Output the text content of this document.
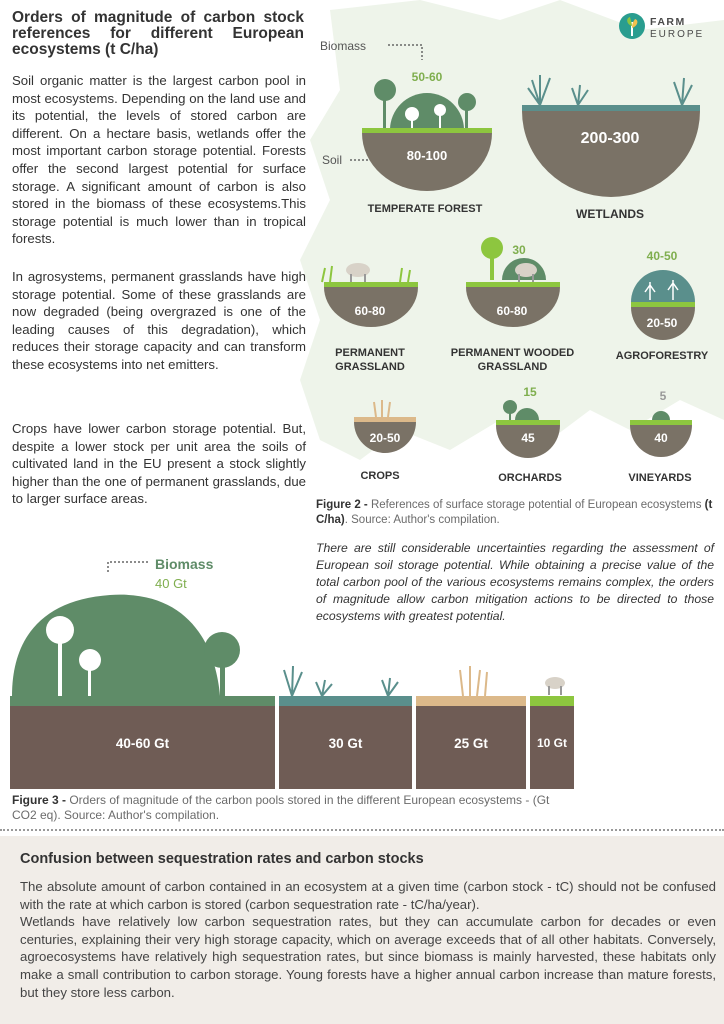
Orders of magnitude of carbon stock references for different European ecosystems (t C/ha)
FARM
EUROPE

Soil organic matter is the largest carbon pool in most ecosystems. Depending on the land use and its potential, the levels of stored carbon are different. On a hectare basis, wetlands offer the most important carbon storage potential. Forests offer the second largest potential for surface storage. A significant amount of carbon is also stored in the biomass of these ecosystems.This storage potential is much lower than in tropical forests.

In agrosystems, permanent grasslands have high storage potential. Some of these grasslands are now degraded (being overgrazed is one of the leading causes of this degradation), which reduces their storage capacity and can transform these ecosystems into net emitters.

Crops have lower carbon storage potential. But, despite a lower stock per unit area the soils of cultivated land in the EU present a stock slightly higher than the one of permanent grasslands, due to larger surface areas.

Biomass
Soil
50-60
80-100
TEMPERATE FOREST
200-300
WETLANDS
60-80
PERMANENT
GRASSLAND
30
60-80
PERMANENT WOODED
GRASSLAND
40-50
20-50
AGROFORESTRY
20-50
CROPS
15
45
ORCHARDS
5
40
VINEYARDS
Figure 2 - References of surface storage potential of European ecosystems (t C/ha). Source: Author's compilation.
There are still considerable uncertainties regarding the assessment of European soil storage potential. While obtaining a precise value of the total carbon pool of the various ecosystems remains complex, the orders of magnitude allow carbon mitigation actions to be directed to those ecosystems with greatest potential.
Biomass
40 Gt
40-60 Gt	30 Gt	25 Gt	10 Gt
Figure 3 - Orders of magnitude of the carbon pools stored in the different European ecosystems - (Gt CO2 eq). Source: Author's compilation.
Confusion between sequestration rates and carbon stocks

The absolute amount of carbon contained in an ecosystem at a given time (carbon stock - tC) should not be confused with the rate at which carbon is stored (carbon sequestration rate - tC/ha/year).

Wetlands have relatively low carbon sequestration rates, but they can accumulate carbon for decades or even centuries, explaining their very high storage capacity, which on average exceeds that of all other habitats. Conversely, agroecosystems have relatively high sequestration rates, but since biomass is mainly harvested, these habitats only make a small contribution to carbon storage. Young forests have a higher annual carbon increase than mature forests, but they store less carbon.
